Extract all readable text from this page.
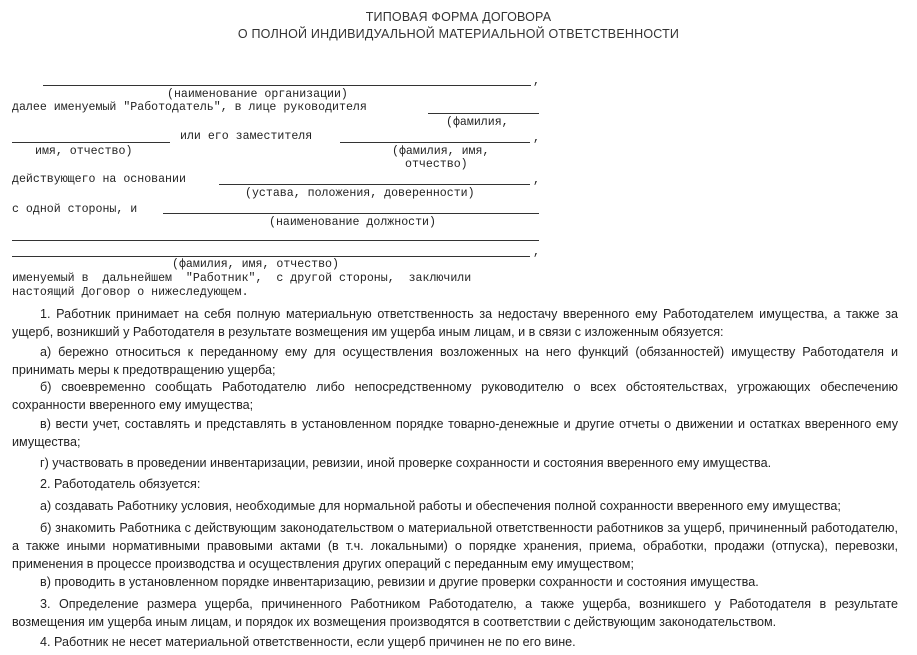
ТИПОВАЯ ФОРМА ДОГОВОРА
О ПОЛНОЙ ИНДИВИДУАЛЬНОЙ МАТЕРИАЛЬНОЙ ОТВЕТСТВЕННОСТИ
,
(наименование организации)
далее именуемый "Работодатель", в лице руководителя
(фамилия,
или его заместителя	,
имя, отчество)	(фамилия, имя,
отчество)
действующего на основании	,
(устава, положения, доверенности)
с одной стороны, и
(наименование должности)
,
(фамилия, имя, отчество)
именуемый в  дальнейшем  "Работник",  с другой стороны,  заключили
настоящий Договор о нижеследующем.

1. Работник принимает на себя полную материальную ответственность за недостачу вверенного ему Работодателем имущества, а также за ущерб, возникший у Работодателя в результате возмещения им ущерба иным лицам, и в связи с изложенным обязуется:

а) бережно относиться к переданному ему для осуществления возложенных на него функций (обязанностей) имуществу Работодателя и принимать меры к предотвращению ущерба;

б) своевременно сообщать Работодателю либо непосредственному руководителю о всех обстоятельствах, угрожающих обеспечению сохранности вверенного ему имущества;

в) вести учет, составлять и представлять в установленном порядке товарно-денежные и другие отчеты о движении и остатках вверенного ему имущества;

г) участвовать в проведении инвентаризации, ревизии, иной проверке сохранности и состояния вверенного ему имущества.

2. Работодатель обязуется:

а) создавать Работнику условия, необходимые для нормальной работы и обеспечения полной сохранности вверенного ему имущества;

б) знакомить Работника с действующим законодательством о материальной ответственности работников за ущерб, причиненный работодателю, а также иными нормативными правовыми актами (в т.ч. локальными) о порядке хранения, приема, обработки, продажи (отпуска), перевозки, применения в процессе производства и осуществления других операций с переданным ему имуществом;

в) проводить в установленном порядке инвентаризацию, ревизии и другие проверки сохранности и состояния имущества.

3. Определение размера ущерба, причиненного Работником Работодателю, а также ущерба, возникшего у Работодателя в результате возмещения им ущерба иным лицам, и порядок их возмещения производятся в соответствии с действующим законодательством.

4. Работник не несет материальной ответственности, если ущерб причинен не по его вине.
